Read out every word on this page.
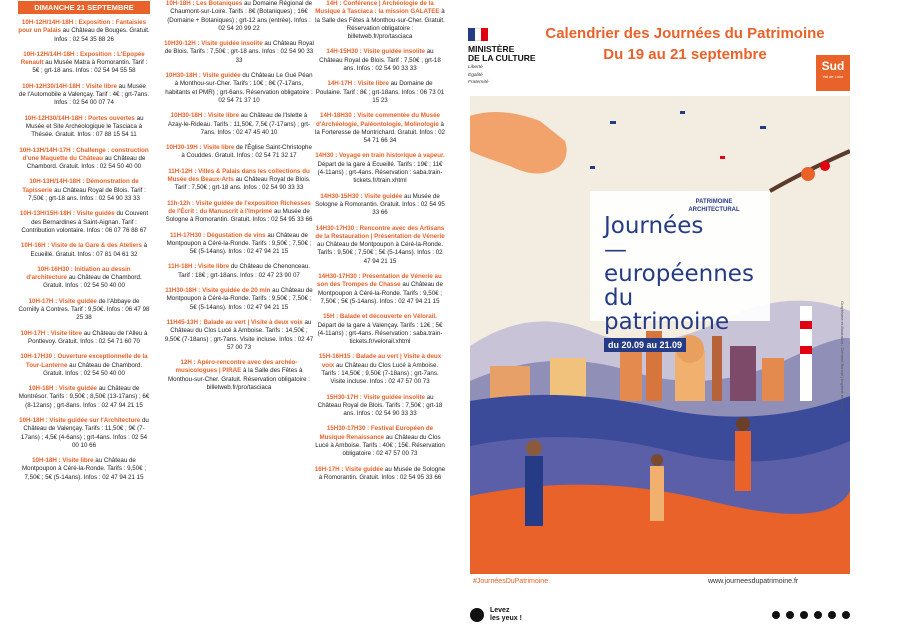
DIMANCHE 21 SEPTEMBRE
10H-12H/14H-18H : Exposition : Fantaisies pour un Palais au Château de Bouges. Gratuit. Infos : 02 54 35 88 26
10H-12H/14H-18H : Exposition : L'Epopée Renault au Musée Matra à Romorantin. Tarif : 5€ ; grt-18 ans. Infos : 02 54 94 55 58
10H-12H30/14H-18H : Visite libre au Musée de l'Automobile à Valençay. Tarif : 4€ ; grt-7ans. Infos : 02 54 00 07 74
10H-12H30/14H-18H : Portes ouvertes au Musée et Site Archéologique le Tasciaca à Thésée. Gratuit. Infos : 07 88 15 54 11
10H-13H/14H-17H : Challenge : construction d'une Maquette du Château au Château de Chambord. Gratuit. Infos : 02 54 50 40 00
10H-13H/14H-18H : Démonstration de Tapisserie au Château Royal de Blois. Tarif : 7,50€ ; grt-18 ans. Infos : 02 54 90 33 33
10H-13H/15H-18H : Visite guidée du Couvent des Bernardines à Saint-Aignan. Tarif : Contribution volontaire. Infos : 06 07 76 88 67
10H-16H : Visite de la Gare & des Ateliers à Ecueillé. Gratuit. Infos : 07 81 04 61 32
10H-16H30 : Initiation au dessin d'architecture au Château de Chambord. Gratuit. Infos : 02 54 50 40 00
10H-17H : Visite guidée de l'Abbaye de Cornilly à Contres. Tarif : 9,50€. Infos : 06 47 98 25 38
10H-17H : Visite libre au Château de l'Alleu à Pontlevoy. Gratuit. Infos : 02 54 71 60 70
10H-17H30 : Ouverture exceptionnelle de la Tour-Lanterne au Château de Chambord. Gratuit. Infos : 02 54 50 40 00
10H-18H : Visite guidée au Château de Montrésor. Tarifs : 9,50€ ; 8,50€ (13-17ans) ; 6€ (8-12ans) ; grt-8ans. Infos : 02 47 94 21 15
10H-18H : Visite guidée sur l'Architecture du Château de Valençay. Tarifs : 11,50€ ; 9€ (7-17ans) ; 4,5€ (4-6ans) ; grt-4ans. Infos : 02 54 00 10 66
10H-18H : Visite libre au Château de Montpoupon à Céré-la-Ronde. Tarifs : 9,50€ ; 7,50€ ; 5€ (5-14ans). Infos : 02 47 94 21 15
10H-18H : Les Botaniques au Domaine Régional de Chaumont-sur-Loire. Tarifs : 8€ (Botaniques) ; 16€ (Domaine + Botaniques) ; grt-12 ans (entrée). Infos : 02 54 20 99 22
10H30-12H : Visite guidée insolite au Château Royal de Blois. Tarifs : 7,50€ ; grt-18 ans. Infos : 02 54 90 33 33
10H30-18H : Visite guidée du Château Le Gué Péan à Monthou-sur-Cher. Tarifs : 10€ ; 8€ (7-17ans, habitants et PMR) ; grt-6ans. Réservation obligatoire : 02 54 71 37 10
10H30-18H : Visite libre au Château de l'Islette à Azay-le-Rideau. Tarifs : 11,50€, 7,5€ (7-17ans) ; grt-7ans. Infos : 02 47 45 40 10
10H30-19H : Visite libre de l'Église Saint-Christophe à Couddes. Gratuit. Infos : 02 54 71 32 17
11H-12H : Villes & Palais dans les collections du Musée des Beaux-Arts au Château Royal de Blois. Tarif : 7,50€ ; grt-18 ans. Infos : 02 54 90 33 33
11h-12h : Visite guidée de l'exposition Richesses de l'Écrit : du Manuscrit à l'Imprimé au Musée de Sologne à Romorantin. Gratuit. Infos : 02 54 95 33 66
11H-17H30 : Dégustation de vins au Château de Montpoupon à Céré-la-Ronde. Tarifs : 9,50€ ; 7,50€ ; 5€ (5-14ans). Infos : 02 47 94 21 15
11H-18H : Visite libre du Château de Chenonceau. Tarif : 18€ ; grt-18ans. Infos : 02 47 23 90 07
11H30-18H : Visite guidée de 20 min au Château de Montpoupon à Céré-la-Ronde. Tarifs : 9,50€ ; 7,50€ ; 5€ (5-14ans). Infos : 02 47 94 21 15
11H45-13H : Balade au vert | Visite à deux voix au Château du Clos Lucé à Amboise. Tarifs : 14,50€ ; 9,50€ (7-18ans) ; grt-7ans. Visite incluse. Infos : 02 47 57 00 73
12H : Apéro-rencontre avec des archéo-musicologues | PIRAE à la Salle des Fêtes à Monthou-sur-Cher. Gratuit. Réservation obligatoire : billetweb.fr/pro/tasciaca
14H : Conférence | Archéologie de la Musique à Tasciaca : la mission GALATEE à la Salle des Fêtes à Monthou-sur-Cher. Gratuit. Réservation obligatoire : billetweb.fr/pro/tasciaca
14H-15H30 : Visite guidée insolite au Château Royal de Blois. Tarif : 7,50€ ; grt-18 ans. Infos : 02 54 90 33 33
14H-17H : Visite libre au Domaine de Poulaine. Tarif : 8€ ; grt-18ans. Infos : 06 73 01 15 23
14H-18H30 : Visite commentée du Musée d'Archéologie, Paléontologie, Molinologie à la Forteresse de Montrichard. Gratuit. Infos : 02 54 71 66 34
14H30 : Voyage en train historique à vapeur. Départ de la gare à Ecueillé. Tarifs : 19€ ; 11€ (4-11ans) ; grt-4ans. Réservation : saba.train-tickets.fr/train.xhtml
14H30-15H30 : Visite guidée au Musée de Sologne à Romorantin. Gratuit. Infos : 02 54 95 33 66
14H30-17H30 : Rencontre avec des Artisans de la Restauration | Présentation de Vénerie au Château de Montpoupon à Céré-la-Ronde. Tarifs : 9,50€ ; 7,50€ ; 5€ (5-14ans). Infos : 02 47 94 21 15
14H30-17H30 : Présentation de Vénerie au son des Trompes de Chasse au Château de Montpoupon à Céré-la-Ronde. Tarifs : 9,50€ ; 7,50€ ; 5€ (5-14ans). Infos : 02 47 94 21 15
15H : Balade et découverte en Vélorail. Départ de la gare à Valençay. Tarifs : 12€ ; 5€ (4-11ans) ; grt-4ans. Réservation : saba.train-tickets.fr/velorail.xhtml
15H-16H15 : Balade au vert | Visite à deux voix au Château du Clos Lucé à Amboise. Tarifs : 14,50€ ; 9,50€ (7-18ans) ; grt-7ans. Visite incluse. Infos : 02 47 57 00 73
15H30-17H : Visite guidée insolite au Château Royal de Blois. Tarifs : 7,50€ ; grt-18 ans. Infos : 02 54 90 33 33
15H30-17H30 : Festival Européen de Musique Renaissance au Château du Clos Lucé à Amboise. Tarifs : 40€ ; 15€. Réservation obligatoire : 02 47 57 00 73
16H-17H : Visite guidée au Musée de Sologne à Romorantin. Gratuit. Infos : 02 54 95 33 66
MINISTÈRE
DE LA CULTURE
Liberté
Égalité
Fraternité
Calendrier des Journées du Patrimoine
Du 19 au 21 septembre
Sud
Val de Loire
PATRIMOINE
ARCHITECTURAL
Journées
— européennes
du patrimoine
du 20.09 au 21.09	Graphisme et illustration : Clément Bonnal | Imprimé en France
#JournéesDuPatrimoine	www.journeesdupatrimoine.fr
Levez
les yeux !
